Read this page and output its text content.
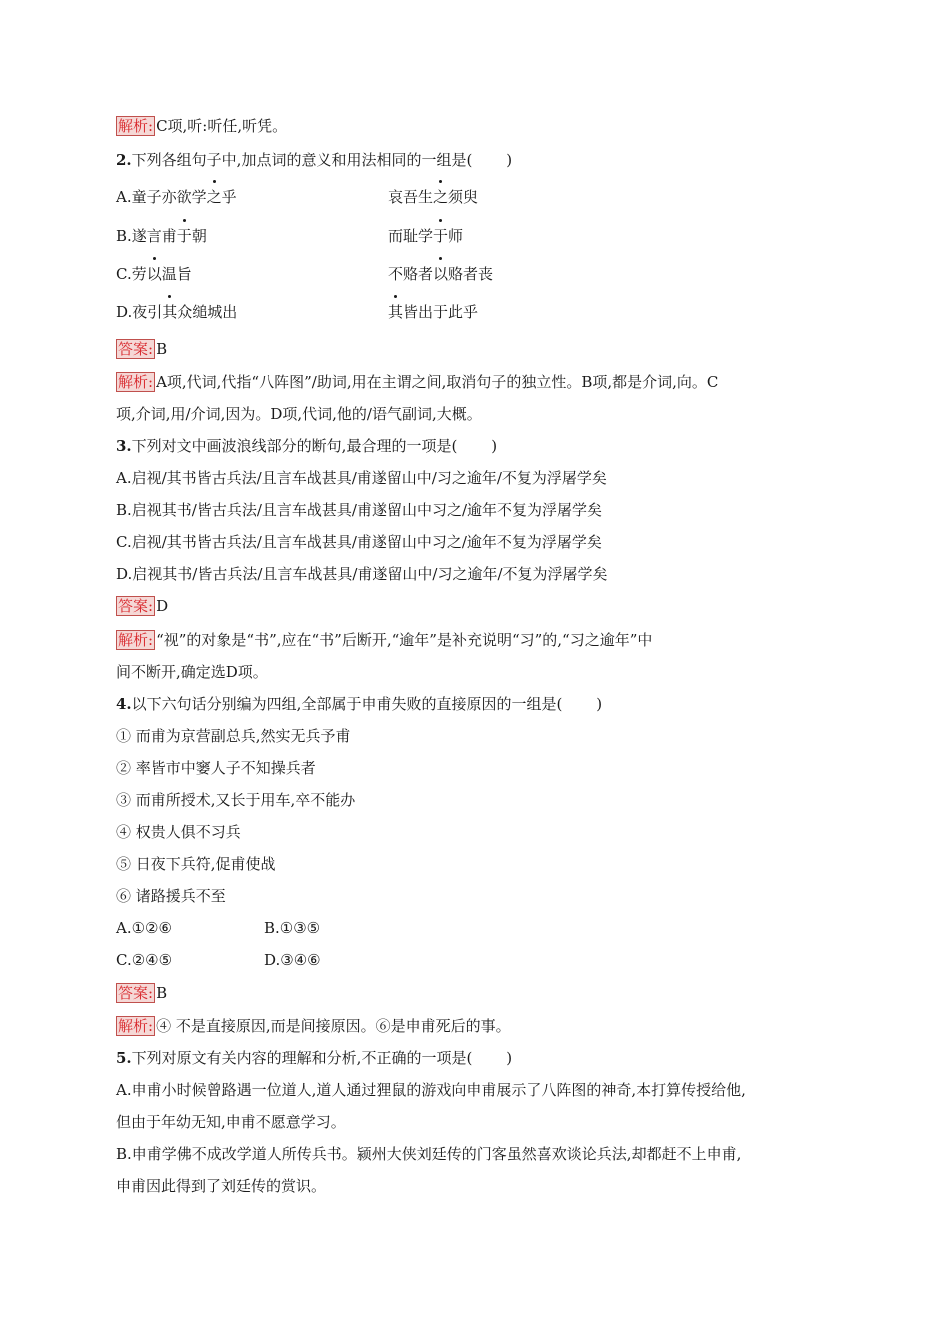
解析: C项,听:听任,听凭。
2.下列各组句子中,加点词的意义和用法相同的一组是( )
A.童子亦欲学之乎	哀吾生之须臾
B.遂言甫于朝	而耻学于师
C.劳以温旨	不赂者以赂者丧
D.夜引其众缒城出	其皆出于此乎
答案: B
解析: A项,代词,代指“八阵图”/助词,用在主谓之间,取消句子的独立性。B项,都是介词,向。C
项,介词,用/介词,因为。D项,代词,他的/语气副词,大概。
3.下列对文中画波浪线部分的断句,最合理的一项是( )
A.启视/其书皆古兵法/且言车战甚具/甫遂留山中/习之逾年/不复为浮屠学矣
B.启视其书/皆古兵法/且言车战甚具/甫遂留山中习之/逾年不复为浮屠学矣
C.启视/其书皆古兵法/且言车战甚具/甫遂留山中习之/逾年不复为浮屠学矣
D.启视其书/皆古兵法/且言车战甚具/甫遂留山中/习之逾年/不复为浮屠学矣
答案: D
解析: “视”的对象是“书”,应在“书”后断开,“逾年”是补充说明“习”的,“习之逾年”中
间不断开,确定选D项。
4.以下六句话分别编为四组,全部属于申甫失败的直接原因的一组是( )
① 而甫为京营副总兵,然实无兵予甫
② 率皆市中窭人子不知操兵者
③ 而甫所授术,又长于用车,卒不能办
④ 权贵人俱不习兵
⑤ 日夜下兵符,促甫使战
⑥ 诸路援兵不至
A.①②⑥	B.①③⑤
C.②④⑤	D.③④⑥
答案: B
解析: ④ 不是直接原因,而是间接原因。⑥是申甫死后的事。
5.下列对原文有关内容的理解和分析,不正确的一项是( )
A.申甫小时候曾路遇一位道人,道人通过狸鼠的游戏向申甫展示了八阵图的神奇,本打算传授给他,
但由于年幼无知,申甫不愿意学习。
B.申甫学佛不成改学道人所传兵书。颍州大侠刘廷传的门客虽然喜欢谈论兵法,却都赶不上申甫,
申甫因此得到了刘廷传的赏识。
